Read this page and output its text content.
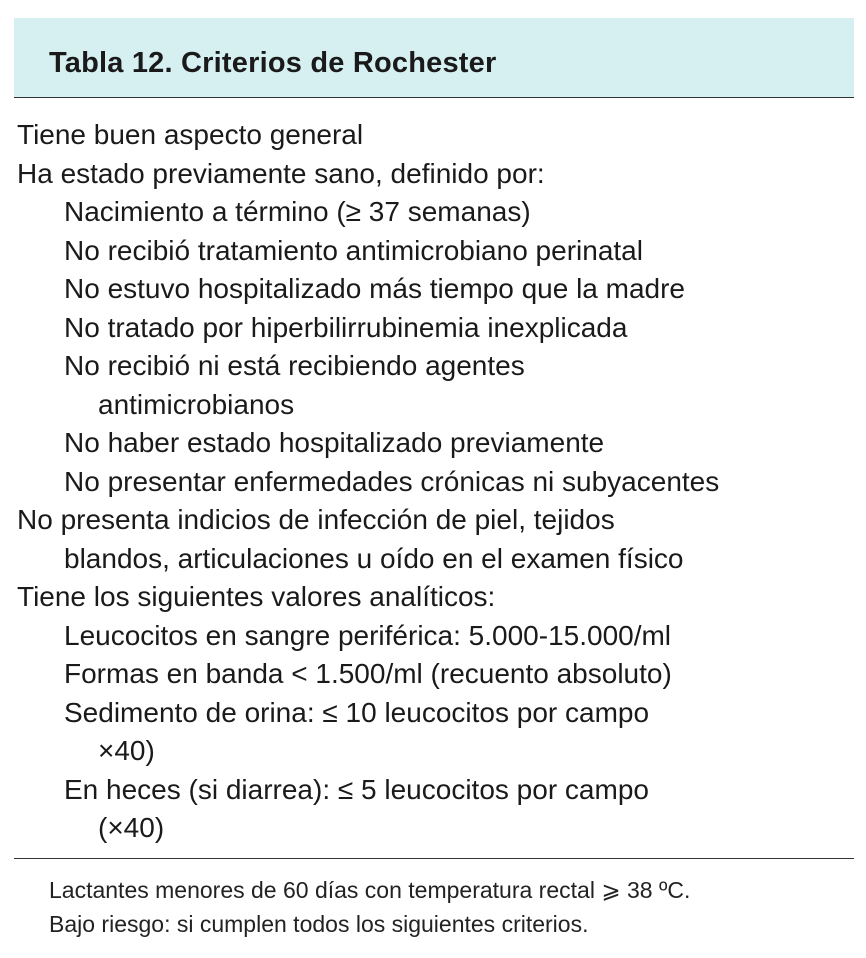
Tabla 12. Criterios de Rochester
Tiene buen aspecto general
Ha estado previamente sano, definido por:
Nacimiento a término (≥ 37 semanas)
No recibió tratamiento antimicrobiano perinatal
No estuvo hospitalizado más tiempo que la madre
No tratado por hiperbilirrubinemia inexplicada
No recibió ni está recibiendo agentes
antimicrobianos
No haber estado hospitalizado previamente
No presentar enfermedades crónicas ni subyacentes
No presenta indicios de infección de piel, tejidos
blandos, articulaciones u oído en el examen físico
Tiene los siguientes valores analíticos:
Leucocitos en sangre periférica: 5.000-15.000/ml
Formas en banda < 1.500/ml (recuento absoluto)
Sedimento de orina: ≤ 10 leucocitos por campo
×40)
En heces (si diarrea): ≤ 5 leucocitos por campo
(×40)
Lactantes menores de 60 días con temperatura rectal ⩾ 38 ºC.
Bajo riesgo: si cumplen todos los siguientes criterios.
